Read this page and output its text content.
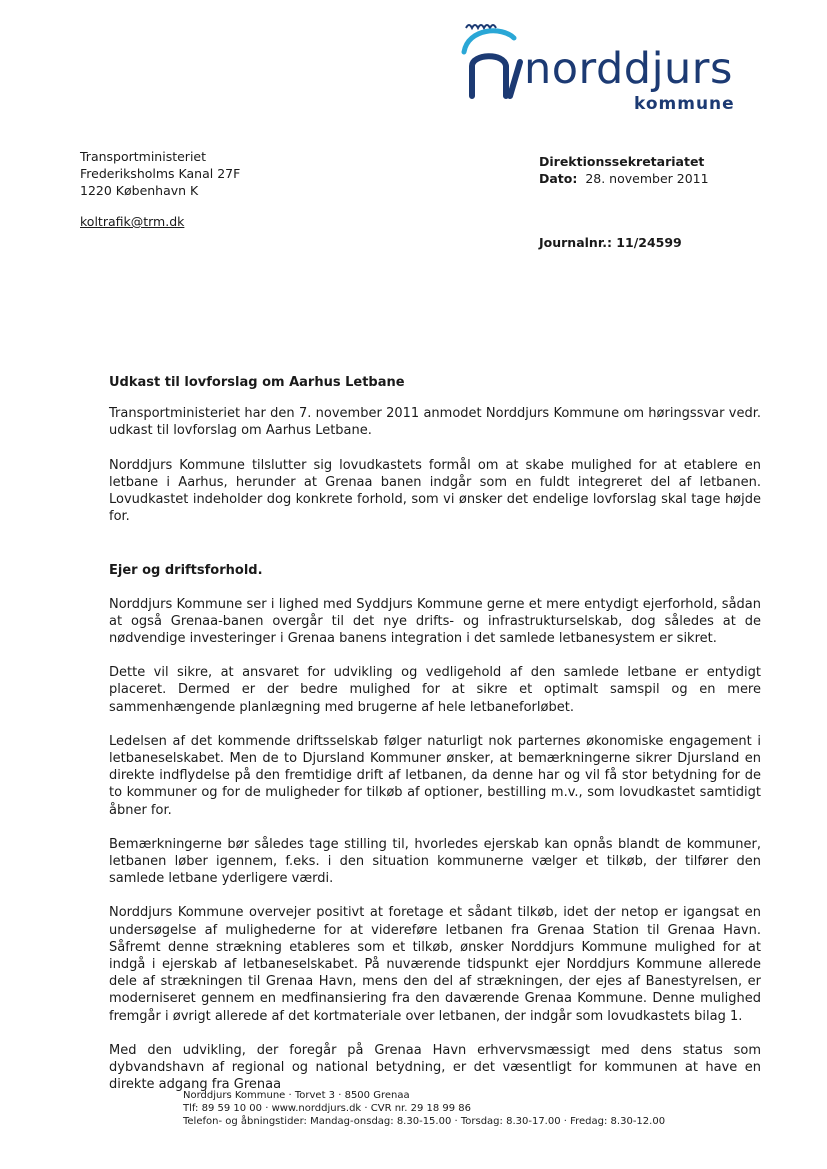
norddjurs
kommune
Transportministeriet
Frederiksholms Kanal 27F
1220 København K
koltrafik@trm.dk
Direktionssekretariatet
Dato: 28. november 2011
Journalnr.: 11/24599
Udkast til lovforslag om Aarhus Letbane

Transportministeriet har den 7. november 2011 anmodet Norddjurs Kommune om høringssvar vedr. udkast til lovforslag om Aarhus Letbane.

Norddjurs Kommune tilslutter sig lovudkastets formål om at skabe mulighed for at etablere en letbane i Aarhus, herunder at Grenaa banen indgår som en fuldt integreret del af letbanen. Lovudkastet indeholder dog konkrete forhold, som vi ønsker det endelige lovforslag skal tage højde for.

Ejer og driftsforhold.

Norddjurs Kommune ser i lighed med Syddjurs Kommune gerne et mere entydigt ejerforhold, sådan at også Grenaa-banen overgår til det nye drifts- og infrastrukturselskab, dog således at de nødvendige investeringer i Grenaa banens integration i det samlede letbanesystem er sikret.

Dette vil sikre, at ansvaret for udvikling og vedligehold af den samlede letbane er entydigt placeret. Dermed er der bedre mulighed for at sikre et optimalt samspil og en mere sammenhængende planlægning med brugerne af hele letbaneforløbet.

Ledelsen af det kommende driftsselskab følger naturligt nok parternes økonomiske engagement i letbaneselskabet. Men de to Djursland Kommuner ønsker, at bemærkningerne sikrer Djursland en direkte indflydelse på den fremtidige drift af letbanen, da denne har og vil få stor betydning for de to kommuner og for de muligheder for tilkøb af optioner, bestilling m.v., som lovudkastet samtidigt åbner for.

Bemærkningerne bør således tage stilling til, hvorledes ejerskab kan opnås blandt de kommuner, letbanen løber igennem, f.eks. i den situation kommunerne vælger et tilkøb, der tilfører den samlede letbane yderligere værdi.

Norddjurs Kommune overvejer positivt at foretage et sådant tilkøb, idet der netop er igangsat en undersøgelse af mulighederne for at videreføre letbanen fra Grenaa Station til Grenaa Havn. Såfremt denne strækning etableres som et tilkøb, ønsker Norddjurs Kommune mulighed for at indgå i ejerskab af letbaneselskabet. På nuværende tidspunkt ejer Norddjurs Kommune allerede dele af strækningen til Grenaa Havn, mens den del af strækningen, der ejes af Banestyrelsen, er moderniseret gennem en medfinansiering fra den daværende Grenaa Kommune. Denne mulighed fremgår i øvrigt allerede af det kortmateriale over letbanen, der indgår som lovudkastets bilag 1.

Med den udvikling, der foregår på Grenaa Havn erhvervsmæssigt med dens status som dybvandshavn af regional og national betydning, er det væsentligt for kommunen at have en direkte adgang fra Grenaa

Norddjurs Kommune · Torvet 3 · 8500 Grenaa
Tlf: 89 59 10 00 · www.norddjurs.dk · CVR nr. 29 18 99 86
Telefon- og åbningstider: Mandag-onsdag: 8.30-15.00 · Torsdag: 8.30-17.00 · Fredag: 8.30-12.00
